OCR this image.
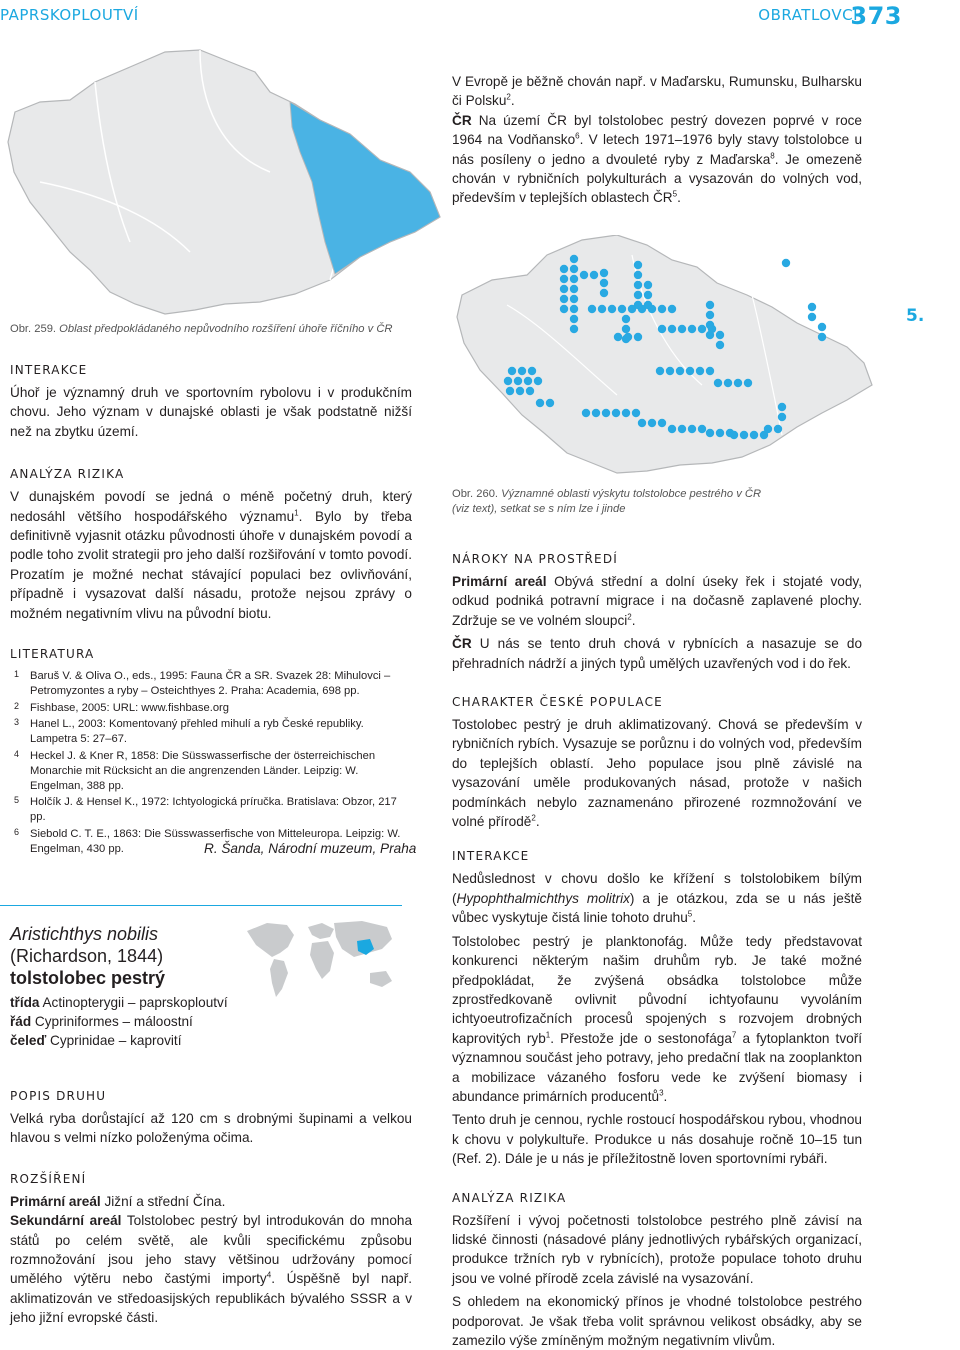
PAPRSKOPLOUTVÍ	OBRATLOVCI
373

V Evropě je běžně chován např. v Maďarsku, Rumunsku, Bulharsku či Polsku$^2$.

ČR Na území ČR byl tolstolobec pestrý dovezen poprvé v roce 1964 na Vodňansko$^6$. V letech 1971–1976 byly stavy tolstolobce u nás posíleny o jedno a dvouleté ryby z Maďarska$^8$. Je omezeně chován v rybničních polykulturách a vysazován do volných vod, především v teplejších oblastech $ČR^5$.

5.
Obr. 259. Oblast předpokládaného nepůvodního rozšíření úhoře říčního v ČR
INTERAKCE
Úhoř je významný druh ve sportovním rybolovu i v produkčním chovu. Jeho význam v dunajské oblasti je však podstatně nižší než na zbytku území.
ANALÝZA RIZIKA
V dunajském povodí se jedná o méně početný druh, který nedosáhl většího hospodářského významu$^1$. Bylo by třeba definitivně vyjasnit otázku původnosti úhoře v dunajském povodí a podle toho zvolit strategii pro jeho další rozšiřování v tomto povodí. Prozatím je možné nechat stávající populaci bez ovlivňování, případně i vysazovat další násadu, protože nejsou zprávy o možném negativním vlivu na původní biotu.
LITERATURA
1 Baruš V. & Oliva O., eds., 1995: Fauna ČR a SR. Svazek 28: Mihulovci – Petromyzontes a ryby – Osteichthyes 2. Praha: Academia, 698 pp.
2 Fishbase, 2005: URL: www.fishbase.org
3 Hanel L., 2003: Komentovaný přehled mihulí a ryb České republiky. Lampetra 5: 27–67.
4 Heckel J. & Kner R, 1858: Die Süsswasserfische der österreichischen Monarchie mit Rücksicht an die angrenzenden Länder. Leipzig: W. Engelman, 388 pp.
5 Holčík J. & Hensel K., 1972: Ichtyologická príručka. Bratislava: Obzor, 217 pp.
6 Siebold C. T. E., 1863: Die Süsswasserfische von Mitteleuropa. Leipzig: W. Engelman, 430 pp.	R. Šanda, Národní muzeum, Praha
Aristichthys nobilis
(Richardson, 1844)
tolstolobec pestrý
třída Actinopterygii – paprskoploutví
řád Cypriniformes – máloostní
čeleď Cyprinidae – kaprovití
POPIS DRUHU
Velká ryba dorůstající až 120 cm s drobnými šupinami a velkou hlavou s velmi nízko položenýma očima.
ROZŠÍŘENÍ
Primární areál Jižní a střední Čína.
Sekundární areál Tolstolobec pestrý byl introdukován do mnoha států po celém světě, ale kvůli specifickému způsobu rozmnožování jsou jeho stavy většinou udržovány pomocí umělého výtěru nebo častými importy$^4$. Úspěšně byl např. aklimatizován ve středoasijských republikách bývalého SSSR a v jeho jižní evropské části.
Obr. 260. Významné oblasti výskytu tolstolobce pestrého v ČR (viz text), setkat se s ním lze i jinde
NÁROKY NA PROSTŘEDÍ
Primární areál Obývá střední a dolní úseky řek i stojaté vody, odkud podniká potravní migrace i na dočasně zaplavené plochy. Zdržuje se ve volném sloupci$^2$.
ČR U nás se tento druh chová v rybnících a nasazuje se do přehradních nádrží a jiných typů umělých uzavřených vod i do řek.
CHARAKTER ČESKÉ POPULACE
Tostolobec pestrý je druh aklimatizovaný. Chová se především v rybničních rybích. Vysazuje se porůznu i do volných vod, především do teplejších oblastí. Jeho populace jsou plně závislé na vysazování uměle produkovaných násad, protože v našich podmínkách nebylo zaznamenáno přirozené rozmnožování ve volné přírodě$^2$.
INTERAKCE
Nedůslednost v chovu došlo ke křížení s tolstolobikem bílým (Hypophthalmichthys molitrix) a je otázkou, zda se u nás ještě vůbec vyskytuje čistá linie tohoto druhu$^5$.
Tolstolobec pestrý je planktonofág. Může tedy představovat konkurenci některým našim druhům ryb. Je také možné předpokládat, že zvýšená obsádka tolstolobce může zprostředkovaně ovlivnit původní ichtyofaunu vyvoláním ichtyoeutrofizačních procesů spojených s rozvojem drobných kaprovitých ryb$^1$. Přestože jde o sestonofága$^7$ a fytoplankton tvoří významnou součást jeho potravy, jeho predační tlak na zooplankton a mobilizace vázaného fosforu vede ke zvýšení biomasy i abundance primárních producentů$^3$.
Tento druh je cennou, rychle rostoucí hospodářskou rybou, vhodnou k chovu v polykultuře. Produkce u nás dosahuje ročně 10–15 tun (Ref. 2). Dále je u nás je příležitostně loven sportovními rybáři.
ANALÝZA RIZIKA
Rozšíření i vývoj početnosti tolstolobce pestrého plně závisí na lidské činnosti (násadové plány jednotlivých rybářských organizací, produkce tržních ryb v rybnících), protože populace tohoto druhu jsou ve volné přírodě zcela závislé na vysazování.
S ohledem na ekonomický přínos je vhodné tolstolobce pestrého podporovat. Je však třeba volit správnou velikost obsádky, aby se zamezilo výše zmíněným možným negativním vlivům.
